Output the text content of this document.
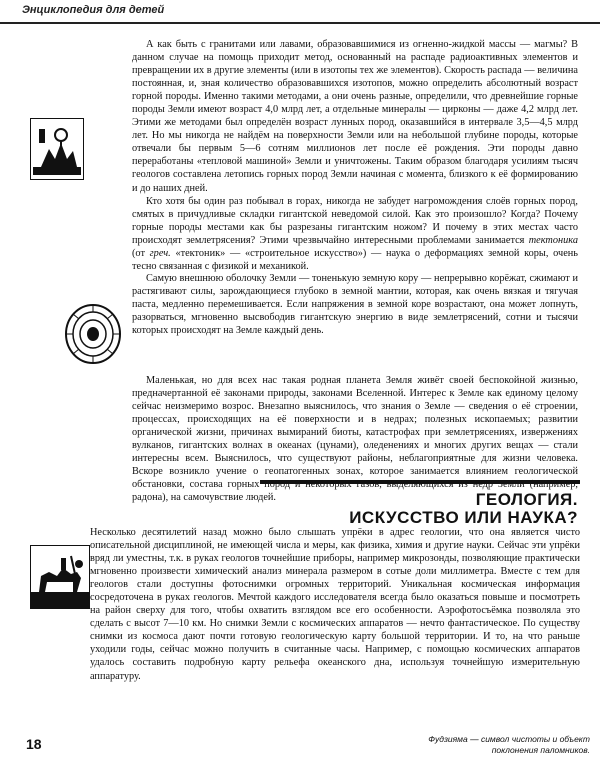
Энциклопедия для детей

А как быть с гранитами или лавами, образовавшимися из огненно-жидкой массы — магмы? В данном случае на помощь приходит метод, основанный на распаде радиоактивных элементов и превращении их в другие элементы (или в изотопы тех же элементов). Скорость распада — величина постоянная, и, зная количество образовавшихся изотопов, можно определить абсолютный возраст горной породы. Именно такими методами, а они очень разные, определили, что древнейшие горные породы Земли имеют возраст 4,0 млрд лет, а отдельные минералы — цирконы — даже 4,2 млрд лет. Этими же методами был определён возраст лунных пород, оказавшийся в интервале 3,5—4,5 млрд лет. Но мы никогда не найдём на поверхности Земли или на небольшой глубине породы, которые отвечали бы первым 5—6 сотням миллионов лет после её рождения. Эти породы давно переработаны «тепловой машиной» Земли и уничтожены. Таким образом благодаря усилиям тысяч геологов составлена летопись горных пород Земли начиная с момента, близкого к её формированию и до наших дней.

Кто хотя бы один раз побывал в горах, никогда не забудет нагромождения слоёв горных пород, смятых в причудливые складки гигантской неведомой силой. Как это произошло? Когда? Почему горные породы местами как бы разрезаны гигантским ножом? И почему в этих местах часто происходят землетрясения? Этими чрезвычайно интересными проблемами занимается тектоника (от греч. «тектоник» — «строительное искусство») — наука о деформациях земной коры, очень тесно связанная с физикой и механикой.

Самую внешнюю оболочку Земли — тоненькую земную кору — непрерывно корёжат, сжимают и растягивают силы, зарождающиеся глубоко в земной мантии, которая, как очень вязкая и тягучая паста, медленно перемешивается. Если напряжения в земной коре возрастают, она может лопнуть, разорваться, мгновенно высвободив гигантскую энергию в виде землетрясений, сотни и тысячи которых происходят на Земле каждый день.

Маленькая, но для всех нас такая родная планета Земля живёт своей беспокойной жизнью, предначертанной её законами природы, законами Вселенной. Интерес к Земле как единому целому сейчас неизмеримо возрос. Внезапно выяснилось, что знания о Земле — сведения о её строении, процессах, происходящих на её поверхности и в недрах; полезных ископаемых; развитии органической жизни, причинах вымираний биоты, катастрофах при землетрясениях, извержениях вулканов, гигантских волнах в океанах (цунами), оледенениях и многих других вещах — стали интересны всем. Выяснилось, что существуют районы, неблагоприятные для жизни человека. Вскоре возникло учение о геопатогенных зонах, которое занимается влиянием геологической обстановки, состава горных пород и некоторых газов, выделяющихся из недр Земли (например, радона), на самочувствие людей.	ГЕОЛОГИЯ.
ИСКУССТВО ИЛИ НАУКА?

Несколько десятилетий назад можно было слышать упрёки в адрес геологии, что она является чисто описательной дисциплиной, не имеющей числа и меры, как физика, химия и другие науки. Сейчас эти упрёки вряд ли уместны, т.к. в руках геологов точнейшие приборы, например микрозонды, позволяющие практически мгновенно произвести химический анализ минерала размером в сотые доли миллиметра. Вместе с тем для геологов стали доступны фотоснимки огромных территорий. Уникальная космическая информация сосредоточена в руках геологов. Мечтой каждого исследователя всегда было оказаться повыше и посмотреть на район сверху для того, чтобы охватить взглядом все его особенности. Аэрофотосъёмка позволяла это сделать с высот 7—10 км. Но снимки Земли с космических аппаратов — нечто фантастическое. По существу снимки из космоса дают почти готовую геологическую карту большой территории. И то, на что раньше уходили годы, сейчас можно получить в считанные часы. Например, с помощью космических аппаратов удалось составить подробную карту рельефа океанского дна, используя точнейшую измерительную аппаратуру.

Фудзияма — символ чистоты и объект
поклонения паломников.
18
